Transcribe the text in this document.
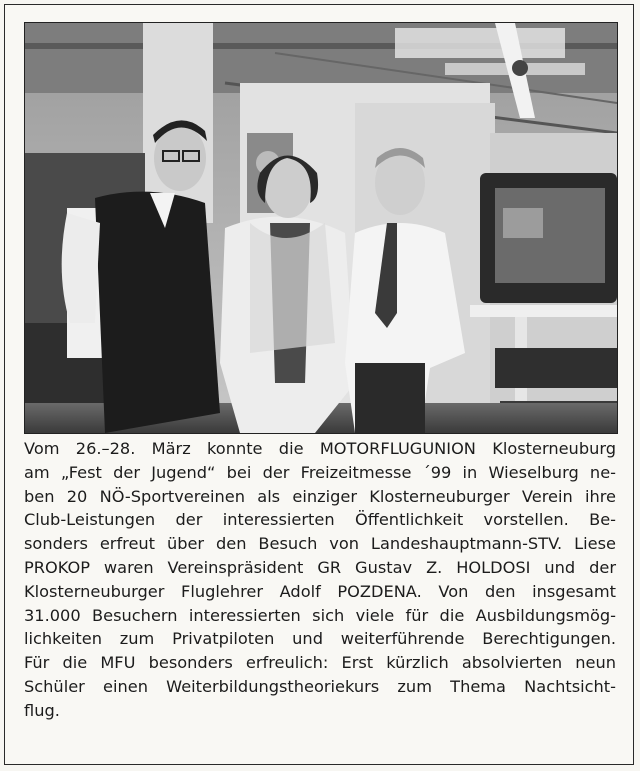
Vom 26.–28. März konnte die MOTORFLUGUNION Klosterneuburg
am „Fest der Jugend“ bei der Freizeitmesse ´99 in Wieselburg ne-
ben 20 NÖ-Sportvereinen als einziger Klosterneuburger Verein ihre
Club-Leistungen der interessierten Öffentlichkeit vorstellen. Be-
sonders erfreut über den Besuch von Landeshauptmann-STV. Liese
PROKOP waren Vereinspräsident GR Gustav Z. HOLDOSI und der
Klosterneuburger Fluglehrer Adolf POZDENA. Von den insgesamt
31.000 Besuchern interessierten sich viele für die Ausbildungsmög-
lichkeiten zum Privatpiloten und weiterführende Berechtigungen.
Für die MFU besonders erfreulich: Erst kürzlich absolvierten neun
Schüler einen Weiterbildungstheoriekurs zum Thema Nachtsicht-
flug.
